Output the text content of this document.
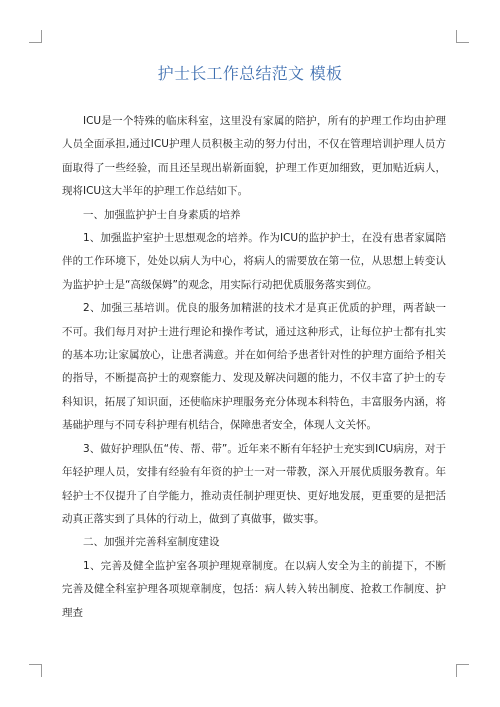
护士长工作总结范文 模板

ICU是一个特殊的临床科室，这里没有家属的陪护，所有的护理工作均由护理人员全面承担,通过ICU护理人员积极主动的努力付出，不仅在管理培训护理人员方面取得了一些经验，而且还呈现出崭新面貌，护理工作更加细致，更加贴近病人，现将ICU这大半年的护理工作总结如下。

一、加强监护护士自身素质的培养

1、加强监护室护士思想观念的培养。作为ICU的监护护士，在没有患者家属陪伴的工作环境下，处处以病人为中心，将病人的需要放在第一位，从思想上转变认为监护护士是“高级保姆”的观念，用实际行动把优质服务落实到位。

2、加强三基培训。优良的服务加精湛的技术才是真正优质的护理，两者缺一不可。我们每月对护士进行理论和操作考试，通过这种形式，让每位护士都有扎实的基本功;让家属放心，让患者满意。并在如何给予患者针对性的护理方面给予相关的指导，不断提高护士的观察能力、发现及解决问题的能力，不仅丰富了护士的专科知识，拓展了知识面，还使临床护理服务充分体现本科特色，丰富服务内涵，将基础护理与不同专科护理有机结合，保障患者安全，体现人文关怀。

3、做好护理队伍“传、帮、带”。近年来不断有年轻护士充实到ICU病房，对于年轻护理人员，安排有经验有年资的护士一对一带教，深入开展优质服务教育。年轻护士不仅提升了自学能力，推动责任制护理更快、更好地发展，更重要的是把活动真正落实到了具体的行动上，做到了真做事，做实事。

二、加强并完善科室制度建设

1、完善及健全监护室各项护理规章制度。在以病人安全为主的前提下，不断完善及健全科室护理各项规章制度，包括：病人转入转出制度、抢救工作制度、护理查
